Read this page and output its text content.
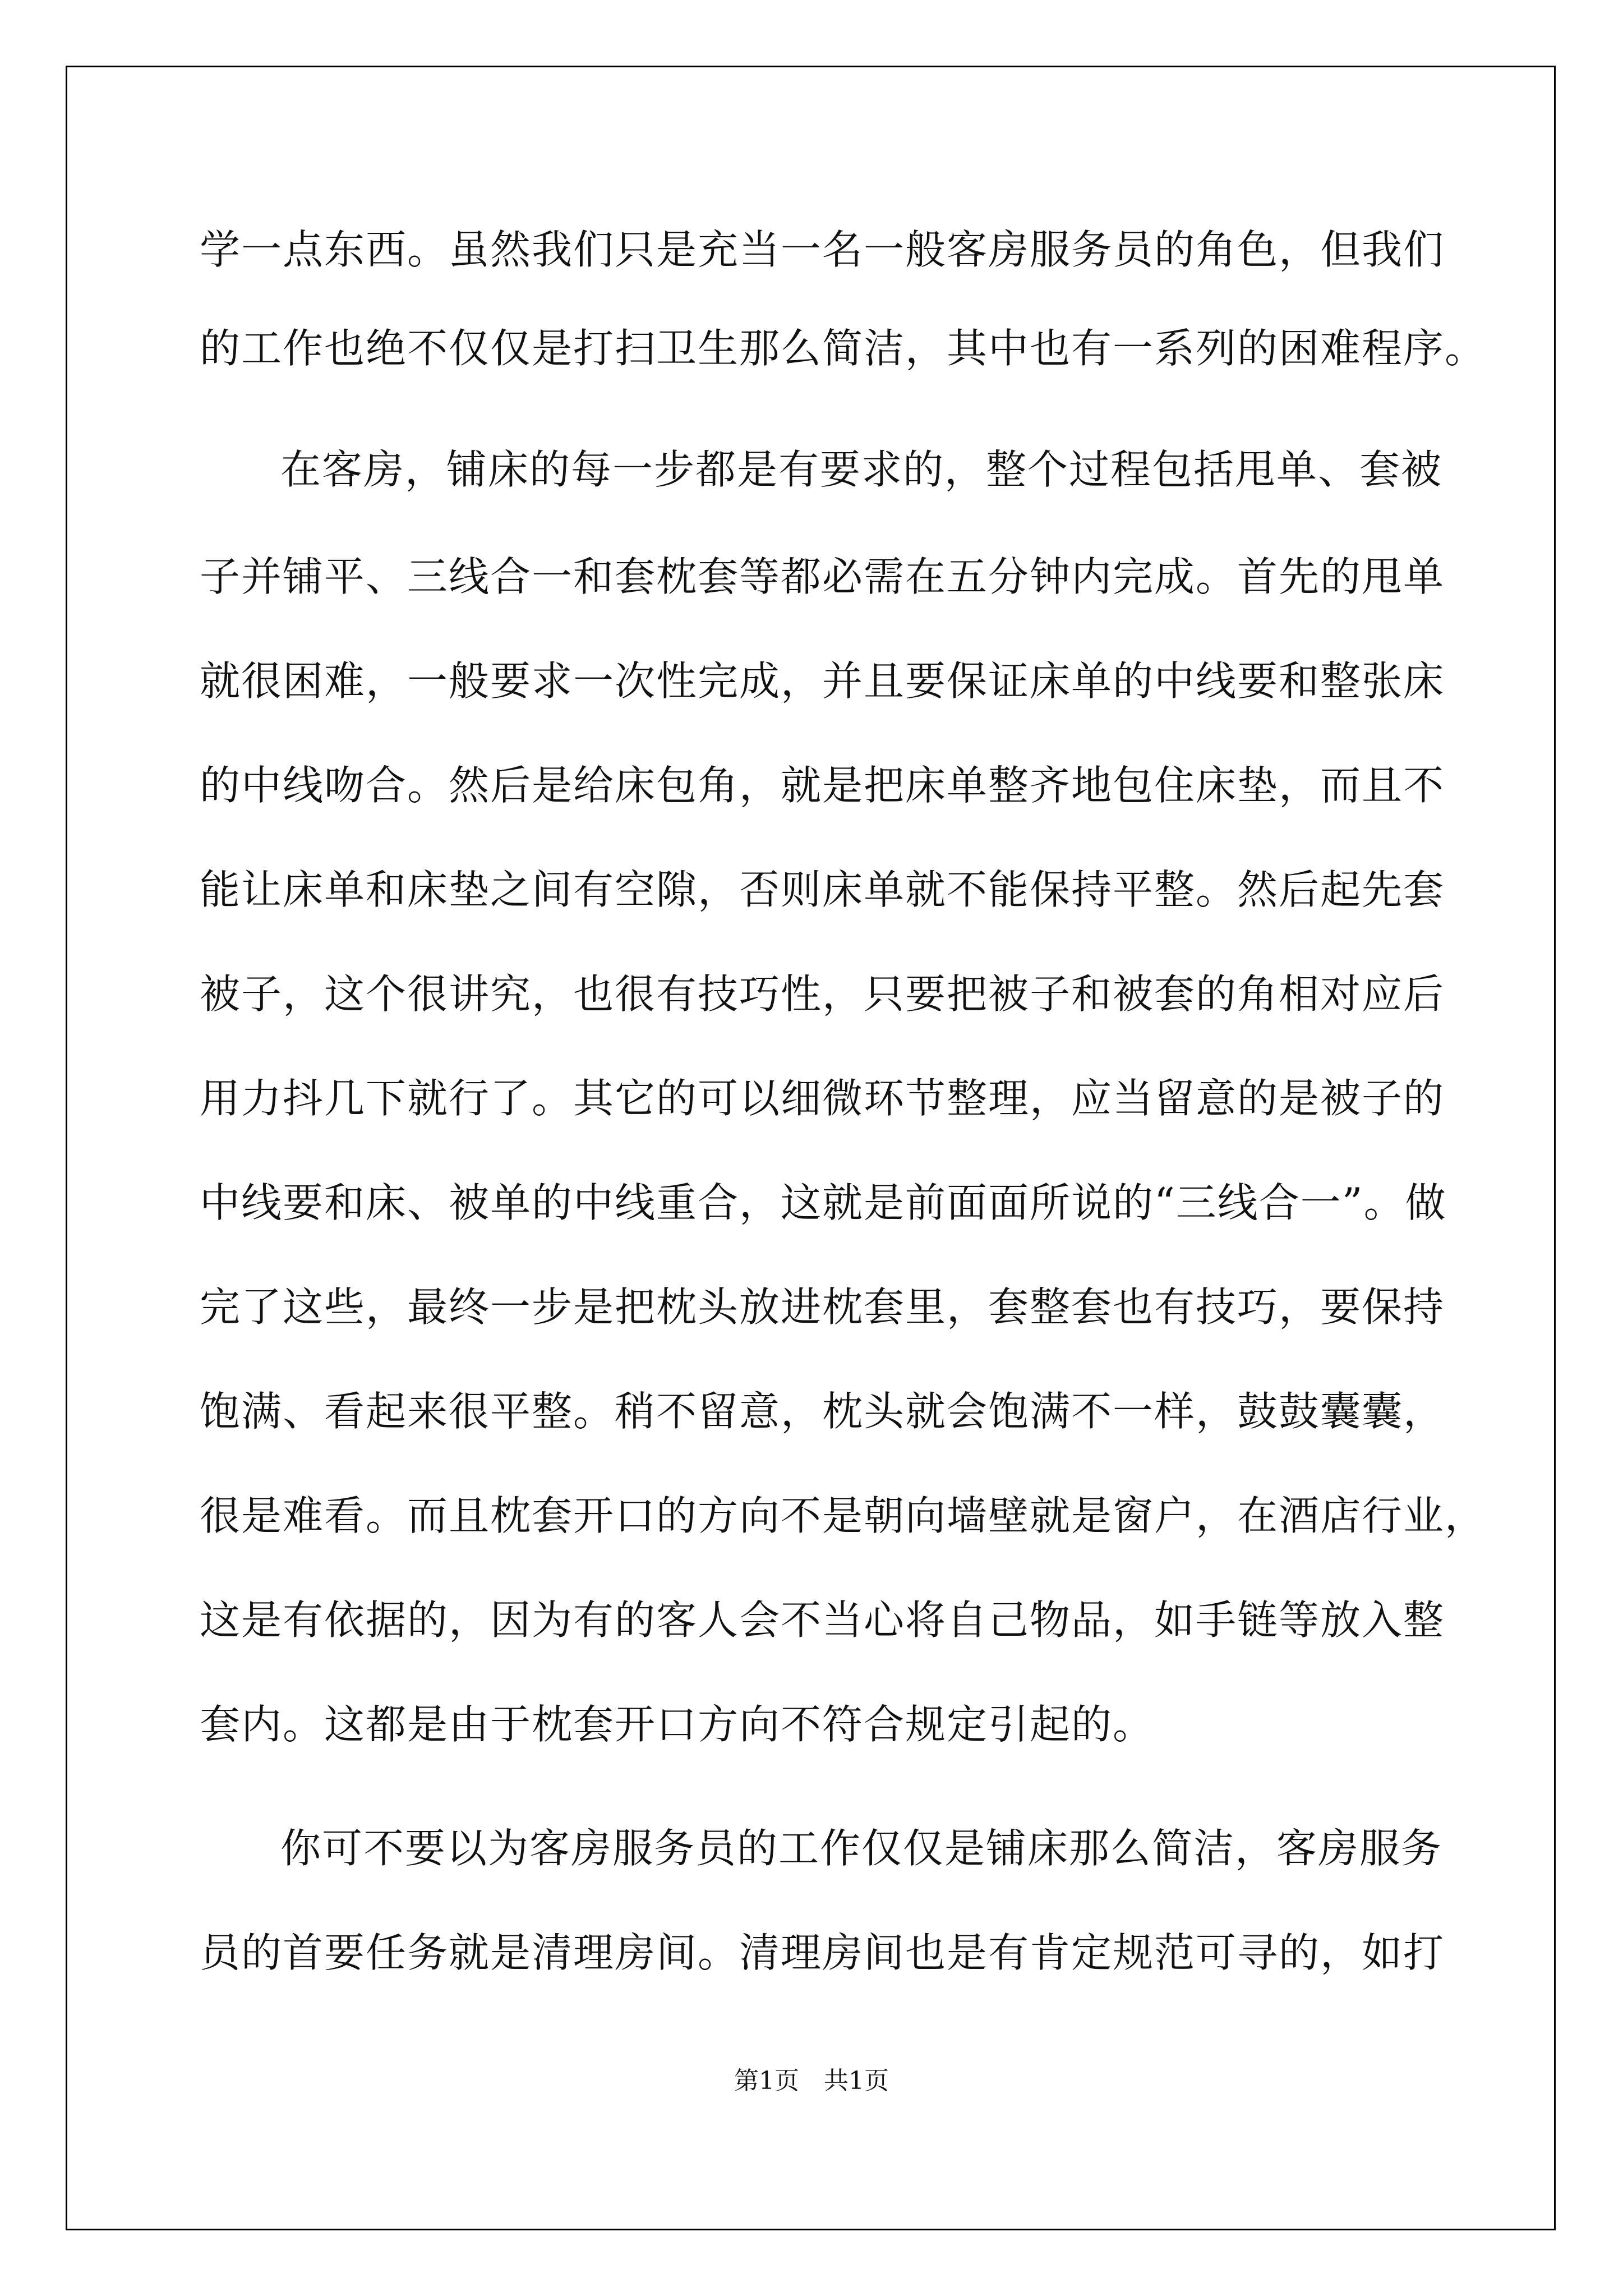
学一点东西。虽然我们只是充当一名一般客房服务员的角色，但我们
的工作也绝不仅仅是打扫卫生那么简洁，其中也有一系列的困难程序。
在客房，铺床的每一步都是有要求的，整个过程包括甩单、套被
子并铺平、三线合一和套枕套等都必需在五分钟内完成。首先的甩单
就很困难，一般要求一次性完成，并且要保证床单的中线要和整张床
的中线吻合。然后是给床包角，就是把床单整齐地包住床垫，而且不
能让床单和床垫之间有空隙，否则床单就不能保持平整。然后起先套
被子，这个很讲究，也很有技巧性，只要把被子和被套的角相对应后
用力抖几下就行了。其它的可以细微环节整理，应当留意的是被子的
中线要和床、被单的中线重合，这就是前面面所说的“三线合一”。做
完了这些，最终一步是把枕头放进枕套里，套整套也有技巧，要保持
饱满、看起来很平整。稍不留意，枕头就会饱满不一样，鼓鼓囊囊，
很是难看。而且枕套开口的方向不是朝向墙壁就是窗户，在酒店行业，
这是有依据的，因为有的客人会不当心将自己物品，如手链等放入整
套内。这都是由于枕套开口方向不符合规定引起的。
你可不要以为客房服务员的工作仅仅是铺床那么简洁，客房服务
员的首要任务就是清理房间。清理房间也是有肯定规范可寻的，如打
第1页 共1页
